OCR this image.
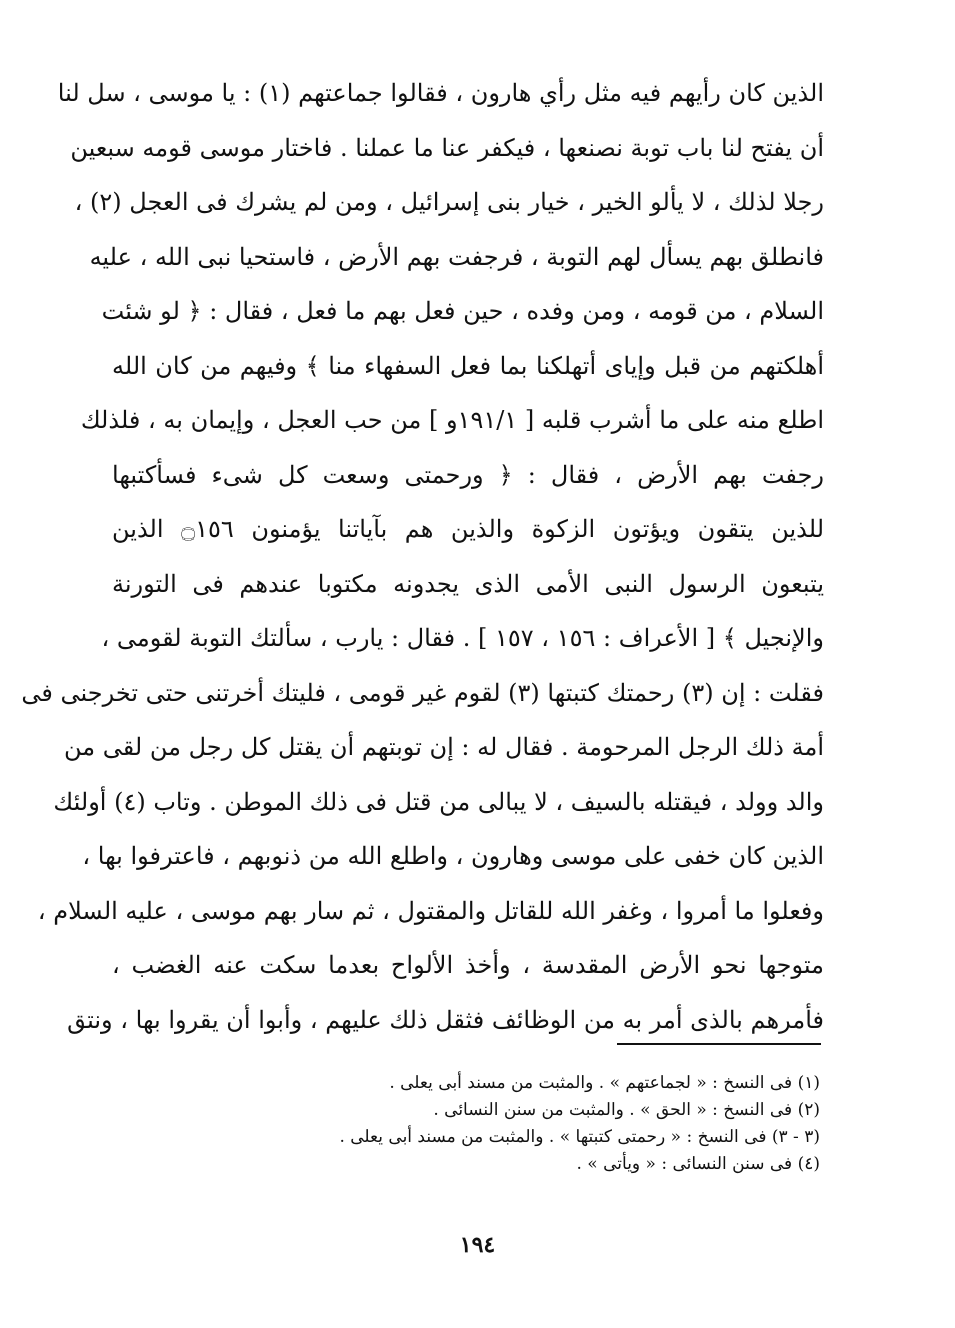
الذين كان رأيهم فيه مثل رأي هارون ، فقالوا جماعتهم (١) : يا موسى ، سل لنا
أن يفتح لنا باب توبة نصنعها ، فيكفر عنا ما عملنا . فاختار موسى قومه سبعين
رجلا لذلك ، لا يألو الخير ، خيار بنى إسرائيل ، ومن لم يشرك فى العجل (٢) ،
فانطلق بهم يسأل لهم التوبة ، فرجفت بهم الأرض ، فاستحيا نبى الله ، عليه
السلام ، من قومه ، ومن وفده ، حين فعل بهم ما فعل ، فقال : ﴿ لو شئت
أهلكتهم من قبل وإياى أتهلكنا بما فعل السفهاء منا ﴾ وفيهم من كان الله
اطلع منه على ما أشرب قلبه [ ١٩١/١و ] من حب العجل ، وإيمان به ، فلذلك
رجفت بهم الأرض ، فقال : ﴿ ورحمتى وسعت كل شىء فسأكتبها
للذين يتقون ويؤتون الزكوة والذين هم بآياتنا يؤمنون ۝١٥٦ الذين
يتبعون الرسول النبى الأمى الذى يجدونه مكتوبا عندهم فى التورنة
والإنجيل ﴾ [ الأعراف : ١٥٦ ، ١٥٧ ] . فقال : يارب ، سألتك التوبة لقومى ،
فقلت : إن (٣) رحمتك كتبتها (٣) لقوم غير قومى ، فليتك أخرتنى حتى تخرجنى فى
أمة ذلك الرجل المرحومة . فقال له : إن توبتهم أن يقتل كل رجل من لقى من
والد وولد ، فيقتله بالسيف ، لا يبالى من قتل فى ذلك الموطن . وتاب (٤) أولئك
الذين كان خفى على موسى وهارون ، واطلع الله من ذنوبهم ، فاعترفوا بها ،
وفعلوا ما أمروا ، وغفر الله للقاتل والمقتول ، ثم سار بهم موسى ، عليه السلام ،
متوجها نحو الأرض المقدسة ، وأخذ الألواح بعدما سكت عنه الغضب ،
فأمرهم بالذى أمر به من الوظائف فثقل ذلك عليهم ، وأبوا أن يقروا بها ، ونتق
(١) فى النسخ : « لجماعتهم » . والمثبت من مسند أبى يعلى .
(٢) فى النسخ : « الحق » . والمثبت من سنن النسائى .
(٣ - ٣) فى النسخ : « رحمتى كتبتها » . والمثبت من مسند أبى يعلى .
(٤) فى سنن النسائى : « ويأتى » .
١٩٤
